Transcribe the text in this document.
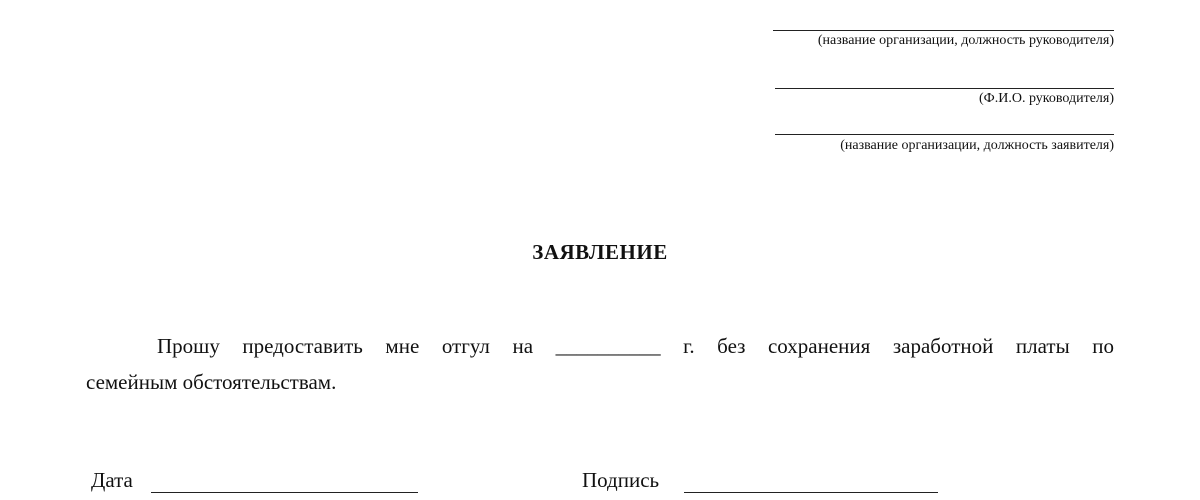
(название организации, должность руководителя)
(Ф.И.О. руководителя)
(название организации, должность заявителя)
ЗАЯВЛЕНИЕ
Прошу предоставить мне отгул на __________ г. без сохранения заработной платы по
семейным обстоятельствам.
Дата	Подпись
